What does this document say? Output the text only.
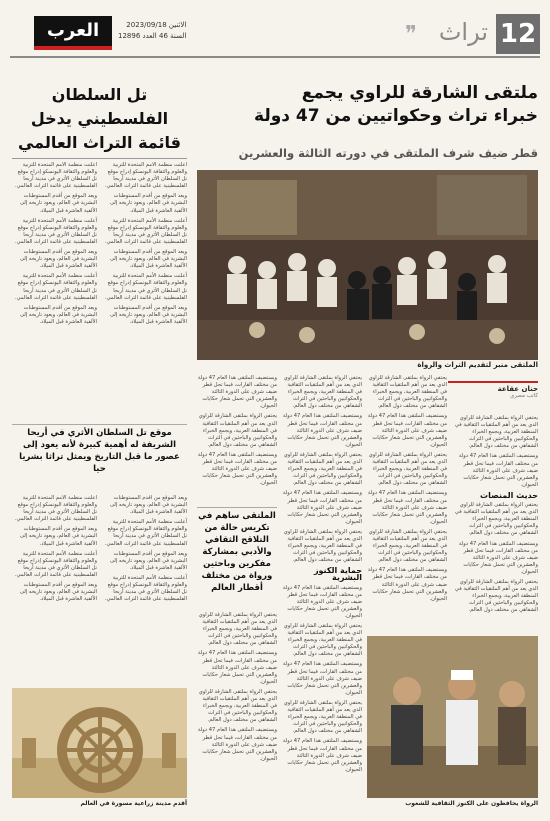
12
تراث
❞
العرب	الاثنين 2023/09/18
السنة 46 العدد 12896
ملتقى الشارقة للراوي يجمع
خبراء تراث وحكواتيين من 47 دولة
قطر ضيف شرف الملتقى في دورته الثالثة والعشرين
الملتقى منبر لتقديم التراث والرواة
حنان عقاعة
كاتب مصري

يحتفي الرواة بملتقى الشارقة للراوي الذي يعد من أهم الملتقيات الثقافية في المنطقة العربية، ويجمع الخبراء والحكواتيين والباحثين في التراث الشفاهي من مختلف دول العالم.

ويستضيف الملتقى هذا العام 47 دولة من مختلف القارات، فيما تحل قطر ضيف شرف على الدورة الثالثة والعشرين التي تحمل شعار حكايات الحيوان.

يحتفي الرواة بملتقى الشارقة للراوي الذي يعد من أهم الملتقيات الثقافية في المنطقة العربية، ويجمع الخبراء والحكواتيين والباحثين في التراث الشفاهي من مختلف دول العالم.

ويستضيف الملتقى هذا العام 47 دولة من مختلف القارات، فيما تحل قطر ضيف شرف على الدورة الثالثة والعشرين التي تحمل شعار حكايات الحيوان.

يحتفي الرواة بملتقى الشارقة للراوي الذي يعد من أهم الملتقيات الثقافية في المنطقة العربية، ويجمع الخبراء والحكواتيين والباحثين في التراث الشفاهي من مختلف دول العالم.

ويستضيف الملتقى هذا العام 47 دولة من مختلف القارات، فيما تحل قطر ضيف شرف على الدورة الثالثة والعشرين التي تحمل شعار حكايات الحيوان.

يحتفي الرواة بملتقى الشارقة للراوي الذي يعد من أهم الملتقيات الثقافية في المنطقة العربية، ويجمع الخبراء والحكواتيين والباحثين في التراث الشفاهي من مختلف دول العالم.

ويستضيف الملتقى هذا العام 47 دولة من مختلف القارات، فيما تحل قطر ضيف شرف على الدورة الثالثة والعشرين التي تحمل شعار حكايات الحيوان.

حديث المنصات

يحتفي الرواة بملتقى الشارقة للراوي الذي يعد من أهم الملتقيات الثقافية في المنطقة العربية، ويجمع الخبراء والحكواتيين والباحثين في التراث الشفاهي من مختلف دول العالم.

ويستضيف الملتقى هذا العام 47 دولة من مختلف القارات، فيما تحل قطر ضيف شرف على الدورة الثالثة والعشرين التي تحمل شعار حكايات الحيوان.

يحتفي الرواة بملتقى الشارقة للراوي الذي يعد من أهم الملتقيات الثقافية في المنطقة العربية، ويجمع الخبراء والحكواتيين والباحثين في التراث الشفاهي من مختلف دول العالم.

يحتفي الرواة بملتقى الشارقة للراوي الذي يعد من أهم الملتقيات الثقافية في المنطقة العربية، ويجمع الخبراء والحكواتيين والباحثين في التراث الشفاهي من مختلف دول العالم.

ويستضيف الملتقى هذا العام 47 دولة من مختلف القارات، فيما تحل قطر ضيف شرف على الدورة الثالثة والعشرين التي تحمل شعار حكايات الحيوان.

يحتفي الرواة بملتقى الشارقة للراوي الذي يعد من أهم الملتقيات الثقافية في المنطقة العربية، ويجمع الخبراء والحكواتيين والباحثين في التراث الشفاهي من مختلف دول العالم.

ويستضيف الملتقى هذا العام 47 دولة من مختلف القارات، فيما تحل قطر ضيف شرف على الدورة الثالثة والعشرين التي تحمل شعار حكايات الحيوان.

يحتفي الرواة بملتقى الشارقة للراوي الذي يعد من أهم الملتقيات الثقافية في المنطقة العربية، ويجمع الخبراء والحكواتيين والباحثين في التراث الشفاهي من مختلف دول العالم.

حماية الكنوز البشرية

ويستضيف الملتقى هذا العام 47 دولة من مختلف القارات، فيما تحل قطر ضيف شرف على الدورة الثالثة والعشرين التي تحمل شعار حكايات الحيوان.

يحتفي الرواة بملتقى الشارقة للراوي الذي يعد من أهم الملتقيات الثقافية في المنطقة العربية، ويجمع الخبراء والحكواتيين والباحثين في التراث الشفاهي من مختلف دول العالم.

ويستضيف الملتقى هذا العام 47 دولة من مختلف القارات، فيما تحل قطر ضيف شرف على الدورة الثالثة والعشرين التي تحمل شعار حكايات الحيوان.

يحتفي الرواة بملتقى الشارقة للراوي الذي يعد من أهم الملتقيات الثقافية في المنطقة العربية، ويجمع الخبراء والحكواتيين والباحثين في التراث الشفاهي من مختلف دول العالم.

ويستضيف الملتقى هذا العام 47 دولة من مختلف القارات، فيما تحل قطر ضيف شرف على الدورة الثالثة والعشرين التي تحمل شعار حكايات الحيوان.

ويستضيف الملتقى هذا العام 47 دولة من مختلف القارات، فيما تحل قطر ضيف شرف على الدورة الثالثة والعشرين التي تحمل شعار حكايات الحيوان.

يحتفي الرواة بملتقى الشارقة للراوي الذي يعد من أهم الملتقيات الثقافية في المنطقة العربية، ويجمع الخبراء والحكواتيين والباحثين في التراث الشفاهي من مختلف دول العالم.

ويستضيف الملتقى هذا العام 47 دولة من مختلف القارات، فيما تحل قطر ضيف شرف على الدورة الثالثة والعشرين التي تحمل شعار حكايات الحيوان.

الملتقى ساهم في تكريس حالة من التلاقح الثقافي والأدبي بمشاركة مفكرين وباحثين ورواة من مختلف أقطار العالم

يحتفي الرواة بملتقى الشارقة للراوي الذي يعد من أهم الملتقيات الثقافية في المنطقة العربية، ويجمع الخبراء والحكواتيين والباحثين في التراث الشفاهي من مختلف دول العالم.

ويستضيف الملتقى هذا العام 47 دولة من مختلف القارات، فيما تحل قطر ضيف شرف على الدورة الثالثة والعشرين التي تحمل شعار حكايات الحيوان.

يحتفي الرواة بملتقى الشارقة للراوي الذي يعد من أهم الملتقيات الثقافية في المنطقة العربية، ويجمع الخبراء والحكواتيين والباحثين في التراث الشفاهي من مختلف دول العالم.

ويستضيف الملتقى هذا العام 47 دولة من مختلف القارات، فيما تحل قطر ضيف شرف على الدورة الثالثة والعشرين التي تحمل شعار حكايات الحيوان.

الرواة يحافظون على الكنوز الثقافية للشعوب
تل السلطان الفلسطيني يدخل قائمة التراث العالمي

أعلنت منظمة الأمم المتحدة للتربية والعلوم والثقافة اليونسكو إدراج موقع تل السلطان الأثري في مدينة أريحا الفلسطينية على قائمة التراث العالمي.

ويعد الموقع من أقدم المستوطنات البشرية في العالم، ويعود تاريخه إلى الألفية العاشرة قبل الميلاد.

أعلنت منظمة الأمم المتحدة للتربية والعلوم والثقافة اليونسكو إدراج موقع تل السلطان الأثري في مدينة أريحا الفلسطينية على قائمة التراث العالمي.

ويعد الموقع من أقدم المستوطنات البشرية في العالم، ويعود تاريخه إلى الألفية العاشرة قبل الميلاد.

أعلنت منظمة الأمم المتحدة للتربية والعلوم والثقافة اليونسكو إدراج موقع تل السلطان الأثري في مدينة أريحا الفلسطينية على قائمة التراث العالمي.

ويعد الموقع من أقدم المستوطنات البشرية في العالم، ويعود تاريخه إلى الألفية العاشرة قبل الميلاد.

أعلنت منظمة الأمم المتحدة للتربية والعلوم والثقافة اليونسكو إدراج موقع تل السلطان الأثري في مدينة أريحا الفلسطينية على قائمة التراث العالمي.

ويعد الموقع من أقدم المستوطنات البشرية في العالم، ويعود تاريخه إلى الألفية العاشرة قبل الميلاد.

أعلنت منظمة الأمم المتحدة للتربية والعلوم والثقافة اليونسكو إدراج موقع تل السلطان الأثري في مدينة أريحا الفلسطينية على قائمة التراث العالمي.

ويعد الموقع من أقدم المستوطنات البشرية في العالم، ويعود تاريخه إلى الألفية العاشرة قبل الميلاد.

أعلنت منظمة الأمم المتحدة للتربية والعلوم والثقافة اليونسكو إدراج موقع تل السلطان الأثري في مدينة أريحا الفلسطينية على قائمة التراث العالمي.

ويعد الموقع من أقدم المستوطنات البشرية في العالم، ويعود تاريخه إلى الألفية العاشرة قبل الميلاد.

موقع تل السلطان الأثري في أريحا الشريفة له أهمية كبيرة لأنه يعود إلى عصور ما قبل التاريخ ويمثل تراثا بشريا حيا

أعلنت منظمة الأمم المتحدة للتربية والعلوم والثقافة اليونسكو إدراج موقع تل السلطان الأثري في مدينة أريحا الفلسطينية على قائمة التراث العالمي.

ويعد الموقع من أقدم المستوطنات البشرية في العالم، ويعود تاريخه إلى الألفية العاشرة قبل الميلاد.

أعلنت منظمة الأمم المتحدة للتربية والعلوم والثقافة اليونسكو إدراج موقع تل السلطان الأثري في مدينة أريحا الفلسطينية على قائمة التراث العالمي.

ويعد الموقع من أقدم المستوطنات البشرية في العالم، ويعود تاريخه إلى الألفية العاشرة قبل الميلاد.

ويعد الموقع من أقدم المستوطنات البشرية في العالم، ويعود تاريخه إلى الألفية العاشرة قبل الميلاد.

أعلنت منظمة الأمم المتحدة للتربية والعلوم والثقافة اليونسكو إدراج موقع تل السلطان الأثري في مدينة أريحا الفلسطينية على قائمة التراث العالمي.

ويعد الموقع من أقدم المستوطنات البشرية في العالم، ويعود تاريخه إلى الألفية العاشرة قبل الميلاد.

أعلنت منظمة الأمم المتحدة للتربية والعلوم والثقافة اليونسكو إدراج موقع تل السلطان الأثري في مدينة أريحا الفلسطينية على قائمة التراث العالمي.

أقدم مدينة زراعية مسورة في العالم
